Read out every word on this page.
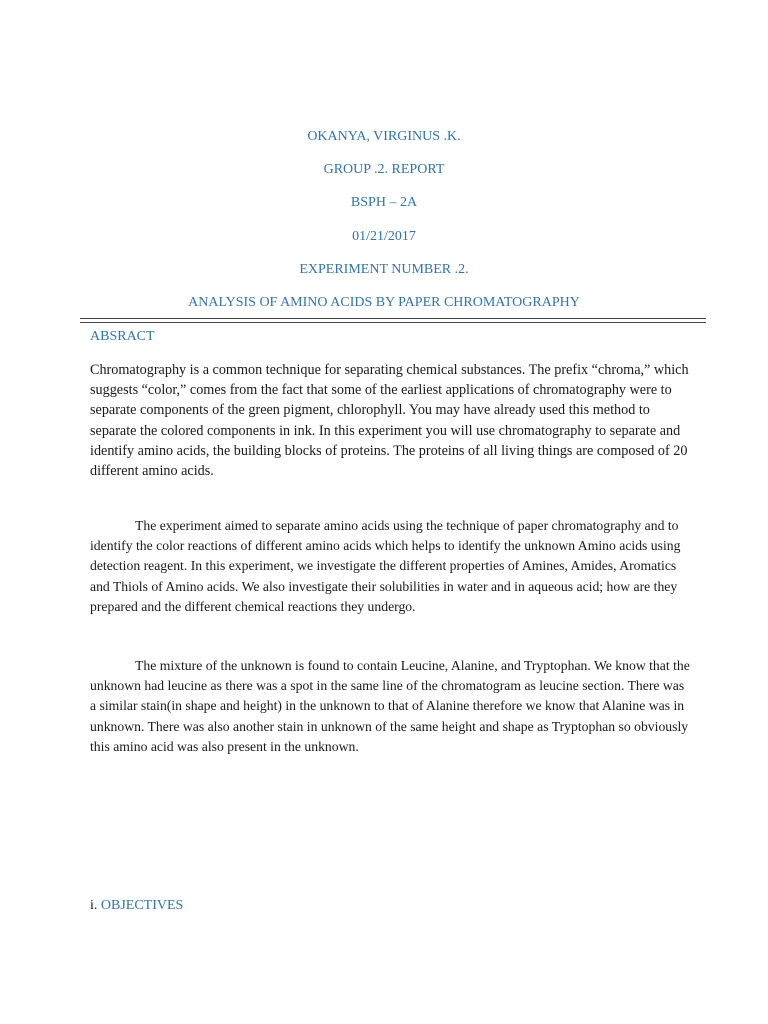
OKANYA, VIRGINUS .K.
GROUP .2. REPORT
BSPH – 2A
01/21/2017
EXPERIMENT NUMBER .2.
ANALYSIS OF AMINO ACIDS BY PAPER CHROMATOGRAPHY
ABSRACT

Chromatography is a common technique for separating chemical substances. The prefix “chroma,” which suggests “color,” comes from the fact that some of the earliest applications of chromatography were to separate components of the green pigment, chlorophyll. You may have already used this method to separate the colored components in ink. In this experiment you will use chromatography to separate and identify amino acids, the building blocks of proteins. The proteins of all living things are composed of 20 different amino acids.

The experiment aimed to separate amino acids using the technique of paper chromatography and to identify the color reactions of different amino acids which helps to identify the unknown Amino acids using detection reagent. In this experiment, we investigate the different properties of Amines, Amides, Aromatics and Thiols of Amino acids. We also investigate their solubilities in water and in aqueous acid; how are they prepared and the different chemical reactions they undergo.

The mixture of the unknown is found to contain Leucine, Alanine, and Tryptophan. We know that the unknown had leucine as there was a spot in the same line of the chromatogram as leucine section. There was a similar stain(in shape and height) in the unknown to that of Alanine therefore we know that Alanine was in unknown. There was also another stain in unknown of the same height and shape as Tryptophan so obviously this amino acid was also present in the unknown.

i. OBJECTIVES
